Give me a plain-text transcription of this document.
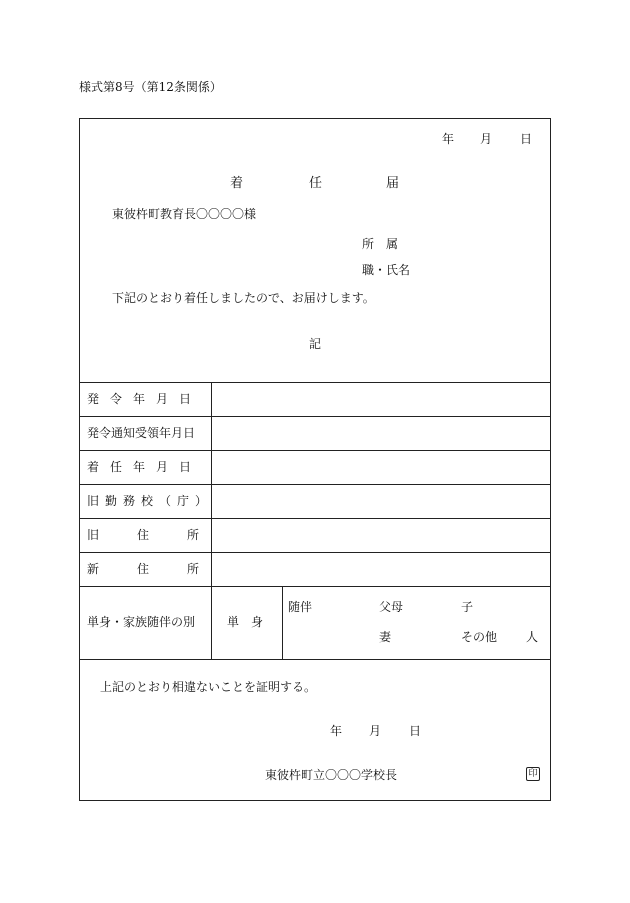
様式第8号（第12条関係）
年 月 日
着	任	届
東彼杵町教育長〇〇〇〇様
所　属
職・氏名
下記のとおり着任しましたので、お届けします。
記
発令年月日
発令通知受領年月日
着任年月日
旧勤務校（庁）
旧住所
新住所
単身・家族随伴の別	単　身
随伴	父母	子
妻	その他 人
上記のとおり相違ないことを証明する。
年 月 日
東彼杵町立〇〇〇学校長	印
